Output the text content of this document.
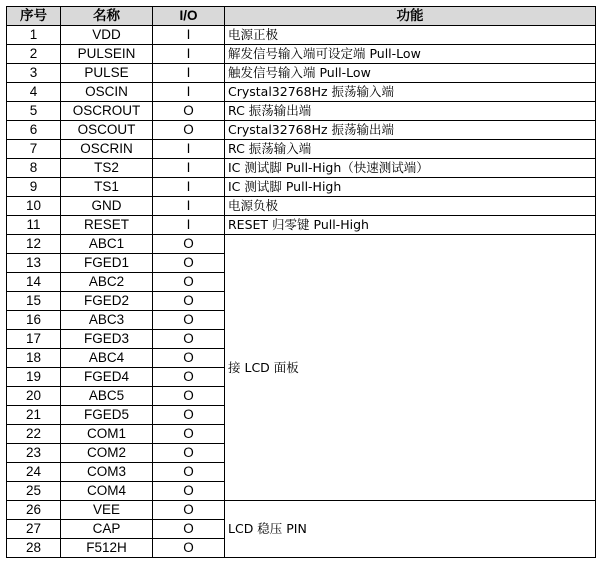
序号	名称	I/O	功能
1	VDD	I	电源正极
2	PULSEIN	I	解发信号输入端可设定端 Pull-Low
3	PULSE	I	触发信号输入端 Pull-Low
4	OSCIN	I	Crystal32768Hz 振荡输入端
5	OSCROUT	O	RC 振荡输出端
6	OSCOUT	O	Crystal32768Hz 振荡输出端
7	OSCRIN	I	RC 振荡输入端
8	TS2	I	IC 测试脚 Pull-High（快速测试端）
9	TS1	I	IC 测试脚 Pull-High
10	GND	I	电源负极
11	RESET	I	RESET 归零键 Pull-High
12	ABC1	O	接 LCD 面板
13	FGED1	O	
14	ABC2	O	
15	FGED2	O	
16	ABC3	O	
17	FGED3	O	
18	ABC4	O	
19	FGED4	O	
20	ABC5	O	
21	FGED5	O	
22	COM1	O	
23	COM2	O	
24	COM3	O	
25	COM4	O	
26	VEE	O	LCD 稳压 PIN
27	CAP	O	
28	F512H	O	
